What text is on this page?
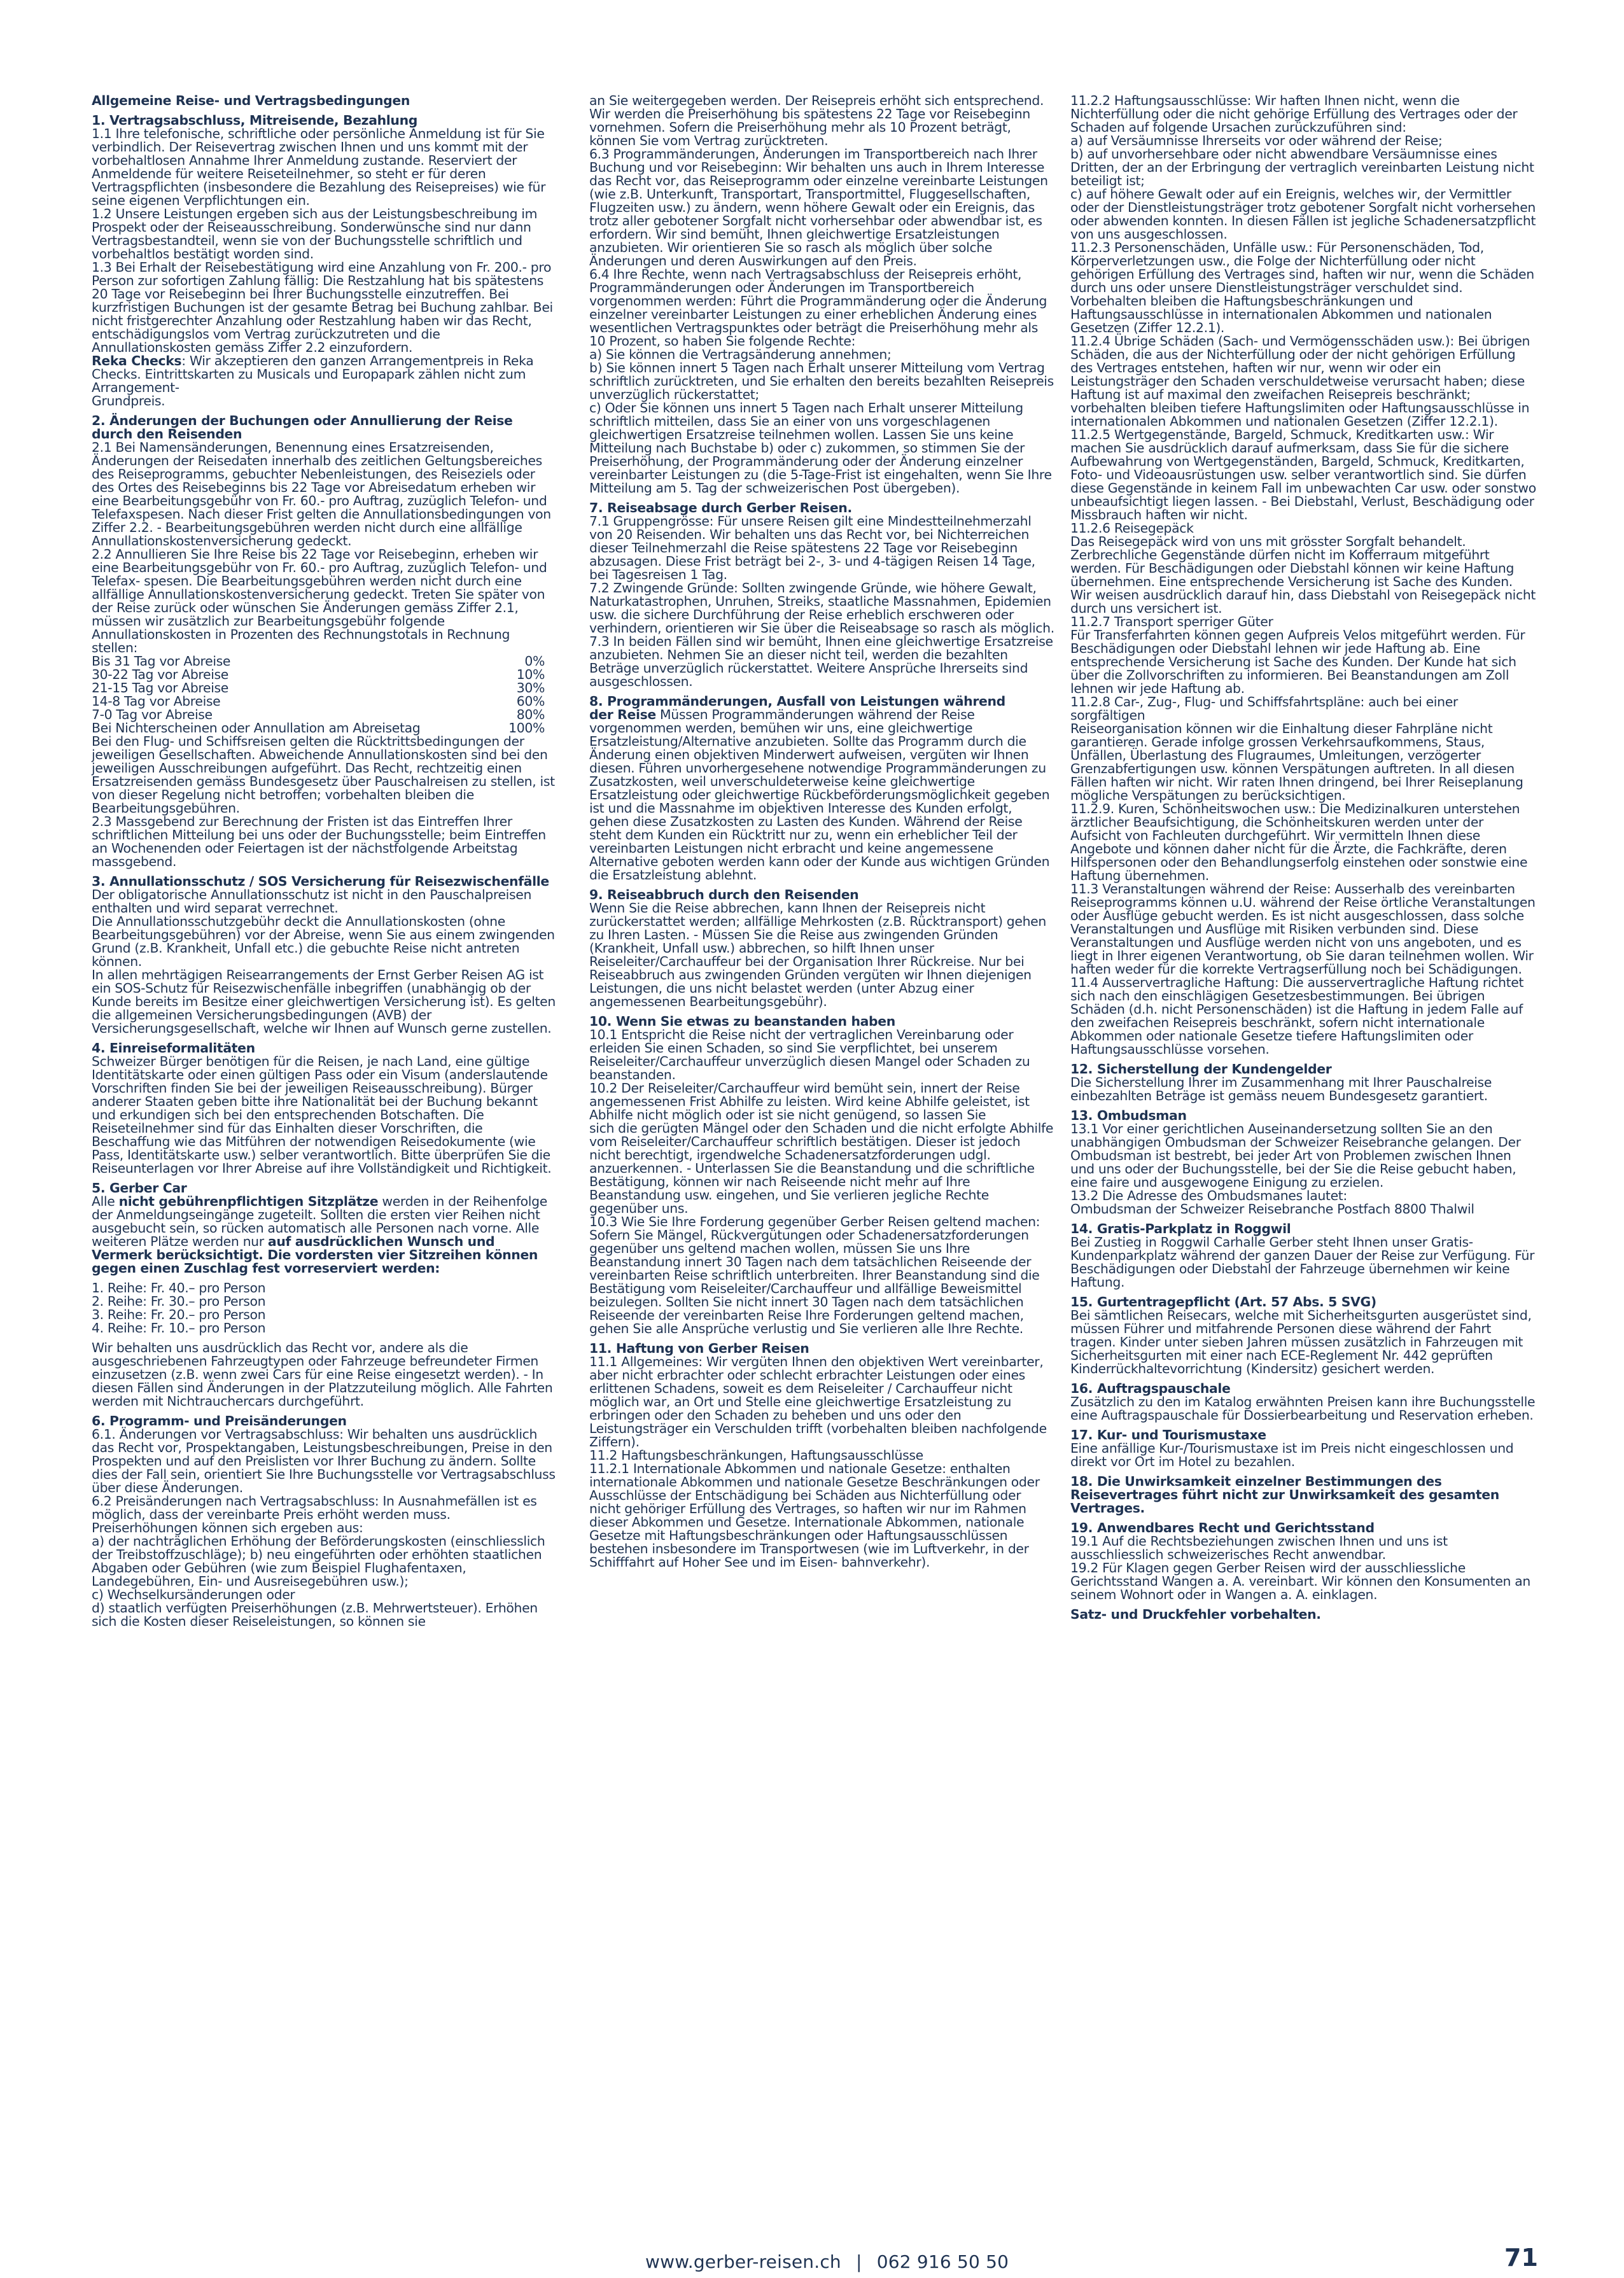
Allgemeine Reise- und Vertragsbedingungen

1. Vertragsabschluss, Mitreisende, Bezahlung
1.1 Ihre telefonische, schriftliche oder persönliche Anmeldung ist für Sie verbindlich. Der Reisevertrag zwischen Ihnen und uns kommt mit der vorbehaltlosen Annahme Ihrer Anmeldung zustande. Reserviert der Anmeldende für weitere Reiseteilnehmer, so steht er für deren Vertragspflichten (insbesondere die Bezahlung des Reisepreises) wie für seine eigenen Verpflichtungen ein.
1.2 Unsere Leistungen ergeben sich aus der Leistungsbeschreibung im Prospekt oder der Reiseausschreibung. Sonderwünsche sind nur dann Vertragsbestandteil, wenn sie von der Buchungsstelle schriftlich und vorbehaltlos bestätigt worden sind.
1.3 Bei Erhalt der Reisebestätigung wird eine Anzahlung von Fr. 200.- pro Person zur sofortigen Zahlung fällig: Die Restzahlung hat bis spätestens 20 Tage vor Reisebeginn bei Ihrer Buchungsstelle einzutreffen. Bei kurzfristigen Buchungen ist der gesamte Betrag bei Buchung zahlbar. Bei nicht fristgerechter Anzahlung oder Restzahlung haben wir das Recht, entschädigungslos vom Vertrag zurückzutreten und die Annullationskosten gemäss Ziffer 2.2 einzufordern.
Reka Checks: Wir akzeptieren den ganzen Arrangementpreis in Reka Checks. Eintrittskarten zu Musicals und Europapark zählen nicht zum Arrangement-
Grundpreis.

2. Änderungen der Buchungen oder Annullierung der Reise durch den Reisenden
2.1 Bei Namensänderungen, Benennung eines Ersatzreisenden, Änderungen der Reisedaten innerhalb des zeitlichen Geltungsbereiches des Reiseprogramms, gebuchter Nebenleistungen, des Reiseziels oder des Ortes des Reisebeginns bis 22 Tage vor Abreisedatum erheben wir eine Bearbeitungsgebühr von Fr. 60.- pro Auftrag, zuzüglich Telefon- und Telefaxspesen. Nach dieser Frist gelten die Annullationsbedingungen von Ziffer 2.2. - Bearbeitungsgebühren werden nicht durch eine allfällige Annullationskostenversicherung gedeckt.
2.2 Annullieren Sie Ihre Reise bis 22 Tage vor Reisebeginn, erheben wir eine Bearbeitungsgebühr von Fr. 60.- pro Auftrag, zuzüglich Telefon- und Telefax- spesen. Die Bearbeitungsgebühren werden nicht durch eine allfällige Annullationskostenversicherung gedeckt. Treten Sie später von der Reise zurück oder wünschen Sie Änderungen gemäss Ziffer 2.1, müssen wir zusätzlich zur Bearbeitungsgebühr folgende Annullationskosten in Prozenten des Rechnungstotals in Rechnung stellen:

Bis 31 Tag vor Abreise	0%
30-22 Tag vor Abreise	10%
21-15 Tag vor Abreise	30%
14-8 Tag vor Abreise	60%
7-0 Tag vor Abreise	80%
Bei Nichterscheinen oder Annullation am Abreisetag	100%

Bei den Flug- und Schiffsreisen gelten die Rücktrittsbedingungen der jeweiligen Gesellschaften. Abweichende Annullationskosten sind bei den jeweiligen Ausschreibungen aufgeführt. Das Recht, rechtzeitig einen Ersatzreisenden gemäss Bundesgesetz über Pauschalreisen zu stellen, ist von dieser Regelung nicht betroffen; vorbehalten bleiben die Bearbeitungsgebühren.
2.3 Massgebend zur Berechnung der Fristen ist das Eintreffen Ihrer schriftlichen Mitteilung bei uns oder der Buchungsstelle; beim Eintreffen an Wochenenden oder Feiertagen ist der nächstfolgende Arbeitstag massgebend.

3. Annullationsschutz / SOS Versicherung für Reisezwischenfälle
Der obligatorische Annullationsschutz ist nicht in den Pauschalpreisen enthalten und wird separat verrechnet.
Die Annullationsschutzgebühr deckt die Annullationskosten (ohne Bearbeitungsgebühren) vor der Abreise, wenn Sie aus einem zwingenden Grund (z.B. Krankheit, Unfall etc.) die gebuchte Reise nicht antreten können.
In allen mehrtägigen Reisearrangements der Ernst Gerber Reisen AG ist ein SOS-Schutz für Reisezwischenfälle inbegriffen (unabhängig ob der Kunde bereits im Besitze einer gleichwertigen Versicherung ist). Es gelten die allgemeinen Versicherungsbedingungen (AVB) der Versicherungsgesellschaft, welche wir Ihnen auf Wunsch gerne zustellen.

4. Einreiseformalitäten
Schweizer Bürger benötigen für die Reisen, je nach Land, eine gültige Identitätskarte oder einen gültigen Pass oder ein Visum (anderslautende Vorschriften finden Sie bei der jeweiligen Reiseausschreibung). Bürger anderer Staaten geben bitte ihre Nationalität bei der Buchung bekannt und erkundigen sich bei den entsprechenden Botschaften. Die Reiseteilnehmer sind für das Einhalten dieser Vorschriften, die Beschaffung wie das Mitführen der notwendigen Reisedokumente (wie Pass, Identitätskarte usw.) selber verantwortlich. Bitte überprüfen Sie die Reiseunterlagen vor Ihrer Abreise auf ihre Vollständigkeit und Richtigkeit.

5. Gerber Car
Alle nicht gebührenpflichtigen Sitzplätze werden in der Reihenfolge der Anmeldungseingänge zugeteilt. Sollten die ersten vier Reihen nicht ausgebucht sein, so rücken automatisch alle Personen nach vorne. Alle weiteren Plätze werden nur auf ausdrücklichen Wunsch und Vermerk berücksichtigt. Die vordersten vier Sitzreihen können gegen einen Zuschlag fest vorreserviert werden:

1. Reihe: Fr. 40.– pro Person
2. Reihe: Fr. 30.– pro Person
3. Reihe: Fr. 20.– pro Person
4. Reihe: Fr. 10.– pro Person

Wir behalten uns ausdrücklich das Recht vor, andere als die ausgeschriebenen Fahrzeugtypen oder Fahrzeuge befreundeter Firmen einzusetzen (z.B. wenn zwei Cars für eine Reise eingesetzt werden). - In diesen Fällen sind Änderungen in der Platzzuteilung möglich. Alle Fahrten werden mit Nichtrauchercars durchgeführt.

6. Programm- und Preisänderungen
6.1. Änderungen vor Vertragsabschluss: Wir behalten uns ausdrücklich das Recht vor, Prospektangaben, Leistungsbeschreibungen, Preise in den Prospekten und auf den Preislisten vor Ihrer Buchung zu ändern. Sollte dies der Fall sein, orientiert Sie Ihre Buchungsstelle vor Vertragsabschluss über diese Änderungen.
6.2 Preisänderungen nach Vertragsabschluss: In Ausnahmefällen ist es möglich, dass der vereinbarte Preis erhöht werden muss. Preiserhöhungen können sich ergeben aus:
a) der nachträglichen Erhöhung der Beförderungskosten (einschliesslich der Treibstoffzuschläge); b) neu eingeführten oder erhöhten staatlichen Abgaben oder Gebühren (wie zum Beispiel Flughafentaxen, Landegebühren, Ein- und Ausreisegebühren usw.);
c) Wechselkursänderungen oder
d) staatlich verfügten Preiserhöhungen (z.B. Mehrwertsteuer). Erhöhen sich die Kosten dieser Reiseleistungen, so können sie

an Sie weitergegeben werden. Der Reisepreis erhöht sich entsprechend. Wir werden die Preiserhöhung bis spätestens 22 Tage vor Reisebeginn vornehmen. Sofern die Preiserhöhung mehr als 10 Prozent beträgt, können Sie vom Vertrag zurücktreten.
6.3 Programmänderungen, Änderungen im Transportbereich nach Ihrer Buchung und vor Reisebeginn: Wir behalten uns auch in Ihrem Interesse das Recht vor, das Reiseprogramm oder einzelne vereinbarte Leistungen (wie z.B. Unterkunft, Transportart, Transportmittel, Fluggesellschaften, Flugzeiten usw.) zu ändern, wenn höhere Gewalt oder ein Ereignis, das trotz aller gebotener Sorgfalt nicht vorhersehbar oder abwendbar ist, es erfordern. Wir sind bemüht, Ihnen gleichwertige Ersatzleistungen anzubieten. Wir orientieren Sie so rasch als möglich über solche Änderungen und deren Auswirkungen auf den Preis.
6.4 Ihre Rechte, wenn nach Vertragsabschluss der Reisepreis erhöht, Programmänderungen oder Änderungen im Transportbereich vorgenommen werden: Führt die Programmänderung oder die Änderung einzelner vereinbarter Leistungen zu einer erheblichen Änderung eines wesentlichen Vertragspunktes oder beträgt die Preiserhöhung mehr als 10 Prozent, so haben Sie folgende Rechte:
a) Sie können die Vertragsänderung annehmen;
b) Sie können innert 5 Tagen nach Erhalt unserer Mitteilung vom Vertrag schriftlich zurücktreten, und Sie erhalten den bereits bezahlten Reisepreis unverzüglich rückerstattet;
c) Oder Sie können uns innert 5 Tagen nach Erhalt unserer Mitteilung schriftlich mitteilen, dass Sie an einer von uns vorgeschlagenen gleichwertigen Ersatzreise teilnehmen wollen. Lassen Sie uns keine Mitteilung nach Buchstabe b) oder c) zukommen, so stimmen Sie der Preiserhöhung, der Programmänderung oder der Änderung einzelner vereinbarter Leistungen zu (die 5-Tage-Frist ist eingehalten, wenn Sie Ihre Mitteilung am 5. Tag der schweizerischen Post übergeben).

7. Reiseabsage durch Gerber Reisen.
7.1 Gruppengrösse: Für unsere Reisen gilt eine Mindestteilnehmerzahl von 20 Reisenden. Wir behalten uns das Recht vor, bei Nichterreichen dieser Teilnehmerzahl die Reise spätestens 22 Tage vor Reisebeginn abzusagen. Diese Frist beträgt bei 2-, 3- und 4-tägigen Reisen 14 Tage, bei Tagesreisen 1 Tag.
7.2 Zwingende Gründe: Sollten zwingende Gründe, wie höhere Gewalt, Naturkatastrophen, Unruhen, Streiks, staatliche Massnahmen, Epidemien usw. die sichere Durchführung der Reise erheblich erschweren oder verhindern, orientieren wir Sie über die Reiseabsage so rasch als möglich.
7.3 In beiden Fällen sind wir bemüht, Ihnen eine gleichwertige Ersatzreise anzubieten. Nehmen Sie an dieser nicht teil, werden die bezahlten Beträge unverzüglich rückerstattet. Weitere Ansprüche Ihrerseits sind ausgeschlossen.

8. Programmänderungen, Ausfall von Leistungen während
der Reise Müssen Programmänderungen während der Reise vorgenommen werden, bemühen wir uns, eine gleichwertige Ersatzleistung/Alternative anzubieten. Sollte das Programm durch die Änderung einen objektiven Minderwert aufweisen, vergüten wir Ihnen diesen. Führen unvorhergesehene notwendige Programmänderungen zu Zusatzkosten, weil unverschuldeterweise keine gleichwertige Ersatzleistung oder gleichwertige Rückbeförderungsmöglichkeit gegeben ist und die Massnahme im objektiven Interesse des Kunden erfolgt, gehen diese Zusatzkosten zu Lasten des Kunden. Während der Reise steht dem Kunden ein Rücktritt nur zu, wenn ein erheblicher Teil der vereinbarten Leistungen nicht erbracht und keine angemessene Alternative geboten werden kann oder der Kunde aus wichtigen Gründen die Ersatzleistung ablehnt.

9. Reiseabbruch durch den Reisenden
Wenn Sie die Reise abbrechen, kann Ihnen der Reisepreis nicht zurückerstattet werden; allfällige Mehrkosten (z.B. Rücktransport) gehen zu Ihren Lasten. - Müssen Sie die Reise aus zwingenden Gründen (Krankheit, Unfall usw.) abbrechen, so hilft Ihnen unser Reiseleiter/Carchauffeur bei der Organisation Ihrer Rückreise. Nur bei Reiseabbruch aus zwingenden Gründen vergüten wir Ihnen diejenigen Leistungen, die uns nicht belastet werden (unter Abzug einer angemessenen Bearbeitungsgebühr).

10. Wenn Sie etwas zu beanstanden haben
10.1 Entspricht die Reise nicht der vertraglichen Vereinbarung oder erleiden Sie einen Schaden, so sind Sie verpflichtet, bei unserem Reiseleiter/Carchauffeur unverzüglich diesen Mangel oder Schaden zu beanstanden.
10.2 Der Reiseleiter/Carchauffeur wird bemüht sein, innert der Reise angemessenen Frist Abhilfe zu leisten. Wird keine Abhilfe geleistet, ist Abhilfe nicht möglich oder ist sie nicht genügend, so lassen Sie
sich die gerügten Mängel oder den Schaden und die nicht erfolgte Abhilfe vom Reiseleiter/Carchauffeur schriftlich bestätigen. Dieser ist jedoch nicht berechtigt, irgendwelche Schadenersatzforderungen udgl. anzuerkennen. - Unterlassen Sie die Beanstandung und die schriftliche Bestätigung, können wir nach Reiseende nicht mehr auf Ihre Beanstandung usw. eingehen, und Sie verlieren jegliche Rechte gegenüber uns.
10.3 Wie Sie Ihre Forderung gegenüber Gerber Reisen geltend machen: Sofern Sie Mängel, Rückvergütungen oder Schadenersatzforderungen gegenüber uns geltend machen wollen, müssen Sie uns Ihre Beanstandung innert 30 Tagen nach dem tatsächlichen Reiseende der vereinbarten Reise schriftlich unterbreiten. Ihrer Beanstandung sind die Bestätigung vom Reiseleiter/Carchauffeur und allfällige Beweismittel beizulegen. Sollten Sie nicht innert 30 Tagen nach dem tatsächlichen Reiseende der vereinbarten Reise Ihre Forderungen geltend machen, gehen Sie alle Ansprüche verlustig und Sie verlieren alle Ihre Rechte.

11. Haftung von Gerber Reisen
11.1 Allgemeines: Wir vergüten Ihnen den objektiven Wert vereinbarter, aber nicht erbrachter oder schlecht erbrachter Leistungen oder eines erlittenen Schadens, soweit es dem Reiseleiter / Carchauffeur nicht möglich war, an Ort und Stelle eine gleichwertige Ersatzleistung zu erbringen oder den Schaden zu beheben und uns oder den Leistungsträger ein Verschulden trifft (vorbehalten bleiben nachfolgende Ziffern).
11.2 Haftungsbeschränkungen, Haftungsausschlüsse
11.2.1 Internationale Abkommen und nationale Gesetze: enthalten internationale Abkommen und nationale Gesetze Beschränkungen oder Ausschlüsse der Entschädigung bei Schäden aus Nichterfüllung oder nicht gehöriger Erfüllung des Vertrages, so haften wir nur im Rahmen dieser Abkommen und Gesetze. Internationale Abkommen, nationale Gesetze mit Haftungsbeschränkungen oder Haftungsausschlüssen bestehen insbesondere im Transportwesen (wie im Luftverkehr, in der Schifffahrt auf Hoher See und im Eisen- bahnverkehr).

11.2.2 Haftungsausschlüsse: Wir haften Ihnen nicht, wenn die Nichterfüllung oder die nicht gehörige Erfüllung des Vertrages oder der Schaden auf folgende Ursachen zurückzuführen sind:
a) auf Versäumnisse Ihrerseits vor oder während der Reise;
b) auf unvorhersehbare oder nicht abwendbare Versäumnisse eines Dritten, der an der Erbringung der vertraglich vereinbarten Leistung nicht beteiligt ist;
c) auf höhere Gewalt oder auf ein Ereignis, welches wir, der Vermittler oder der Dienstleistungsträger trotz gebotener Sorgfalt nicht vorhersehen oder abwenden konnten. In diesen Fällen ist jegliche Schadenersatzpflicht von uns ausgeschlossen.
11.2.3 Personenschäden, Unfälle usw.: Für Personenschäden, Tod, Körperverletzungen usw., die Folge der Nichterfüllung oder nicht gehörigen Erfüllung des Vertrages sind, haften wir nur, wenn die Schäden durch uns oder unsere Dienstleistungsträger verschuldet sind. Vorbehalten bleiben die Haftungsbeschränkungen und Haftungsausschlüsse in internationalen Abkommen und nationalen Gesetzen (Ziffer 12.2.1).
11.2.4 Übrige Schäden (Sach- und Vermögensschäden usw.): Bei übrigen Schäden, die aus der Nichterfüllung oder der nicht gehörigen Erfüllung des Vertrages entstehen, haften wir nur, wenn wir oder ein Leistungsträger den Schaden verschuldetweise verursacht haben; diese Haftung ist auf maximal den zweifachen Reisepreis beschränkt; vorbehalten bleiben tiefere Haftungslimiten oder Haftungsausschlüsse in internationalen Abkommen und nationalen Gesetzen (Ziffer 12.2.1).
11.2.5 Wertgegenstände, Bargeld, Schmuck, Kreditkarten usw.: Wir machen Sie ausdrücklich darauf aufmerksam, dass Sie für die sichere Aufbewahrung von Wertgegenständen, Bargeld, Schmuck, Kreditkarten, Foto- und Videoausrüstungen usw. selber verantwortlich sind. Sie dürfen diese Gegenstände in keinem Fall im unbewachten Car usw. oder sonstwo unbeaufsichtigt liegen lassen. - Bei Diebstahl, Verlust, Beschädigung oder Missbrauch haften wir nicht.
11.2.6 Reisegepäck
Das Reisegepäck wird von uns mit grösster Sorgfalt behandelt. Zerbrechliche Gegenstände dürfen nicht im Kofferraum mitgeführt werden. Für Beschädigungen oder Diebstahl können wir keine Haftung übernehmen. Eine entsprechende Versicherung ist Sache des Kunden. Wir weisen ausdrücklich darauf hin, dass Diebstahl von Reisegepäck nicht durch uns versichert ist.
11.2.7 Transport sperriger Güter
Für Transferfahrten können gegen Aufpreis Velos mitgeführt werden. Für Beschädigungen oder Diebstahl lehnen wir jede Haftung ab. Eine entsprechende Versicherung ist Sache des Kunden. Der Kunde hat sich über die Zollvorschriften zu informieren. Bei Beanstandungen am Zoll lehnen wir jede Haftung ab.
11.2.8 Car-, Zug-, Flug- und Schiffsfahrtspläne: auch bei einer sorgfältigen
Reiseorganisation können wir die Einhaltung dieser Fahrpläne nicht garantieren. Gerade infolge grossen Verkehrsaufkommens, Staus, Unfällen, Überlastung des Flugraumes, Umleitungen, verzögerter Grenzabfertigungen usw. können Verspätungen auftreten. In all diesen Fällen haften wir nicht. Wir raten Ihnen dringend, bei Ihrer Reiseplanung mögliche Verspätungen zu berücksichtigen.
11.2.9. Kuren, Schönheitswochen usw.: Die Medizinalkuren unterstehen ärztlicher Beaufsichtigung, die Schönheitskuren werden unter der Aufsicht von Fachleuten durchgeführt. Wir vermitteln Ihnen diese Angebote und können daher nicht für die Ärzte, die Fachkräfte, deren Hilfspersonen oder den Behandlungserfolg einstehen oder sonstwie eine Haftung übernehmen.
11.3 Veranstaltungen während der Reise: Ausserhalb des vereinbarten Reiseprogramms können u.U. während der Reise örtliche Veranstaltungen oder Ausflüge gebucht werden. Es ist nicht ausgeschlossen, dass solche Veranstaltungen und Ausflüge mit Risiken verbunden sind. Diese Veranstaltungen und Ausflüge werden nicht von uns angeboten, und es liegt in Ihrer eigenen Verantwortung, ob Sie daran teilnehmen wollen. Wir haften weder für die korrekte Vertragserfüllung noch bei Schädigungen.
11.4 Ausservertragliche Haftung: Die ausservertragliche Haftung richtet sich nach den einschlägigen Gesetzesbestimmungen. Bei übrigen Schäden (d.h. nicht Personenschäden) ist die Haftung in jedem Falle auf den zweifachen Reisepreis beschränkt, sofern nicht internationale Abkommen oder nationale Gesetze tiefere Haftungslimiten oder Haftungsausschlüsse vorsehen.

12. Sicherstellung der Kundengelder
Die Sicherstellung Ihrer im Zusammenhang mit Ihrer Pauschalreise einbezahlten Beträge ist gemäss neuem Bundesgesetz garantiert.

13. Ombudsman
13.1 Vor einer gerichtlichen Auseinandersetzung sollten Sie an den unabhängigen Ombudsman der Schweizer Reisebranche gelangen. Der Ombudsman ist bestrebt, bei jeder Art von Problemen zwischen Ihnen und uns oder der Buchungsstelle, bei der Sie die Reise gebucht haben, eine faire und ausgewogene Einigung zu erzielen.
13.2 Die Adresse des Ombudsmanes lautet:
Ombudsman der Schweizer Reisebranche Postfach 8800 Thalwil

14. Gratis-Parkplatz in Roggwil
Bei Zustieg in Roggwil Carhalle Gerber steht Ihnen unser Gratis-Kundenparkplatz während der ganzen Dauer der Reise zur Verfügung. Für Beschädigungen oder Diebstahl der Fahrzeuge übernehmen wir keine Haftung.

15. Gurtentragepflicht (Art. 57 Abs. 5 SVG)
Bei sämtlichen Reisecars, welche mit Sicherheitsgurten ausgerüstet sind, müssen Führer und mitfahrende Personen diese während der Fahrt tragen. Kinder unter sieben Jahren müssen zusätzlich in Fahrzeugen mit Sicherheitsgurten mit einer nach ECE-Reglement Nr. 442 geprüften Kinderrückhaltevorrichtung (Kindersitz) gesichert werden.

16. Auftragspauschale
Zusätzlich zu den im Katalog erwähnten Preisen kann ihre Buchungsstelle eine Auftragspauschale für Dossierbearbeitung und Reservation erheben.

17. Kur- und Tourismustaxe
Eine anfällige Kur-/Tourismustaxe ist im Preis nicht eingeschlossen und direkt vor Ort im Hotel zu bezahlen.

18. Die Unwirksamkeit einzelner Bestimmungen des Reisevertrages führt nicht zur Unwirksamkeit des gesamten Vertrages.

19. Anwendbares Recht und Gerichtsstand
19.1 Auf die Rechtsbeziehungen zwischen Ihnen und uns ist ausschliesslich schweizerisches Recht anwendbar.
19.2 Für Klagen gegen Gerber Reisen wird der ausschliessliche Gerichtsstand Wangen a. A. vereinbart. Wir können den Konsumenten an seinem Wohnort oder in Wangen a. A. einklagen.

Satz- und Druckfehler vorbehalten.

www.gerber-reisen.ch | 062 916 50 50	71
